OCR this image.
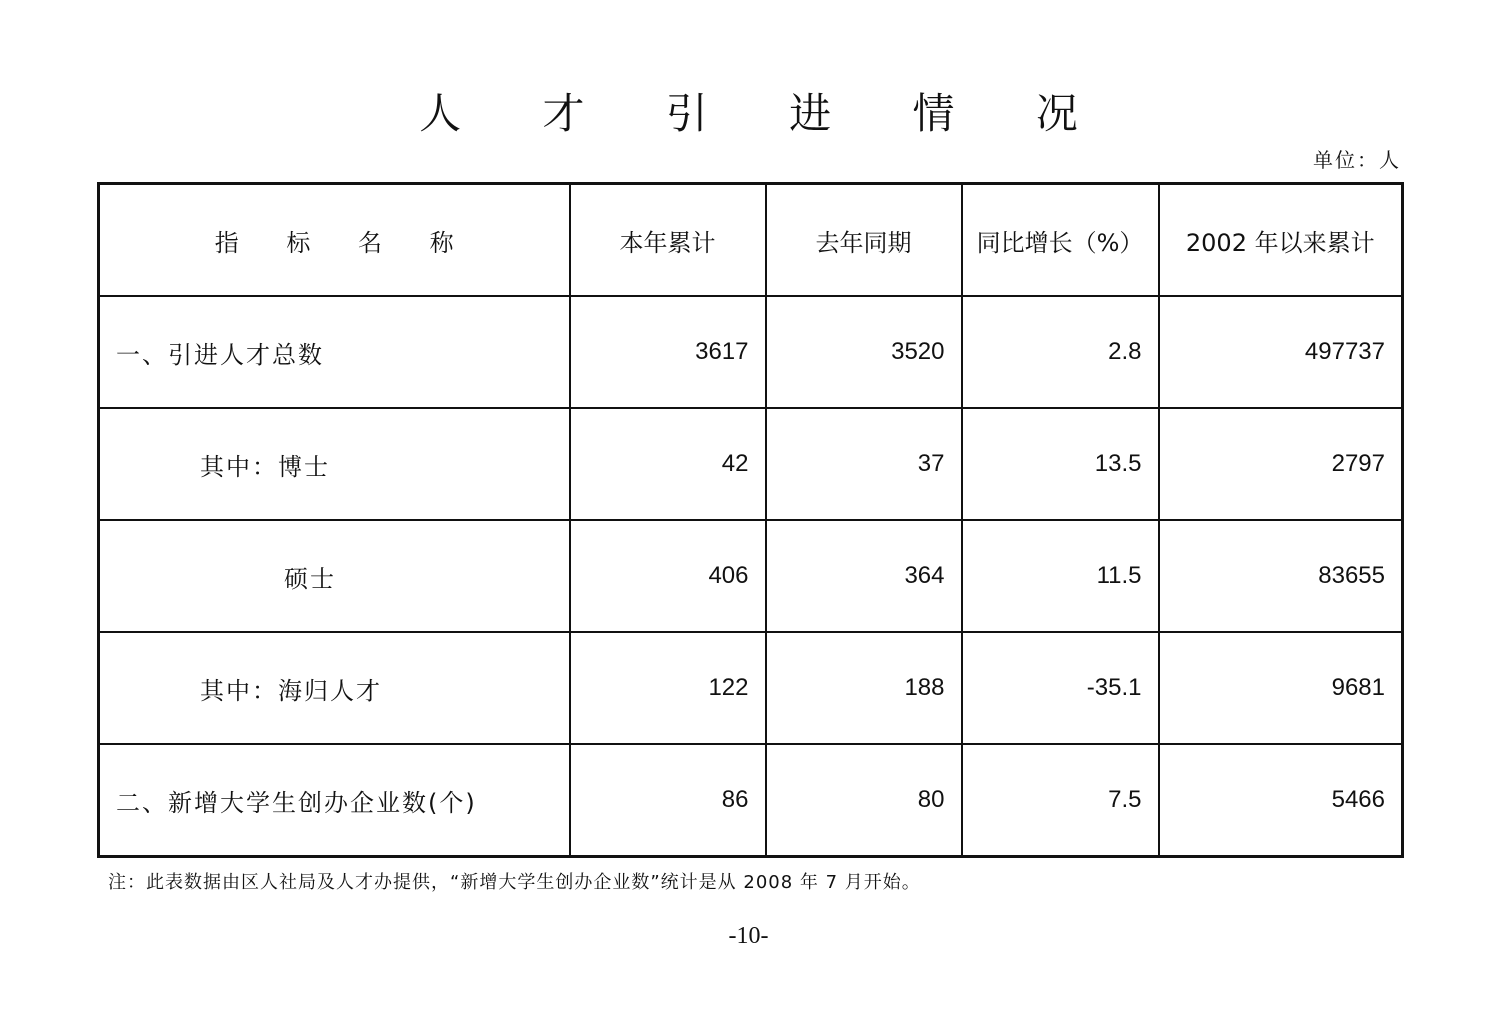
人 才 引 进 情 况
单位：人
指 标 名 称	本年累计	去年同期	同比增长（%）	2002 年以来累计
一、引进人才总数	3617	3520	2.8	497737
其中：博士	42	37	13.5	2797
硕士	406	364	11.5	83655
其中：海归人才	122	188	-35.1	9681
二、新增大学生创办企业数(个)	86	80	7.5	5466
注：此表数据由区人社局及人才办提供，“新增大学生创办企业数”统计是从 2008 年 7 月开始。
-10-
